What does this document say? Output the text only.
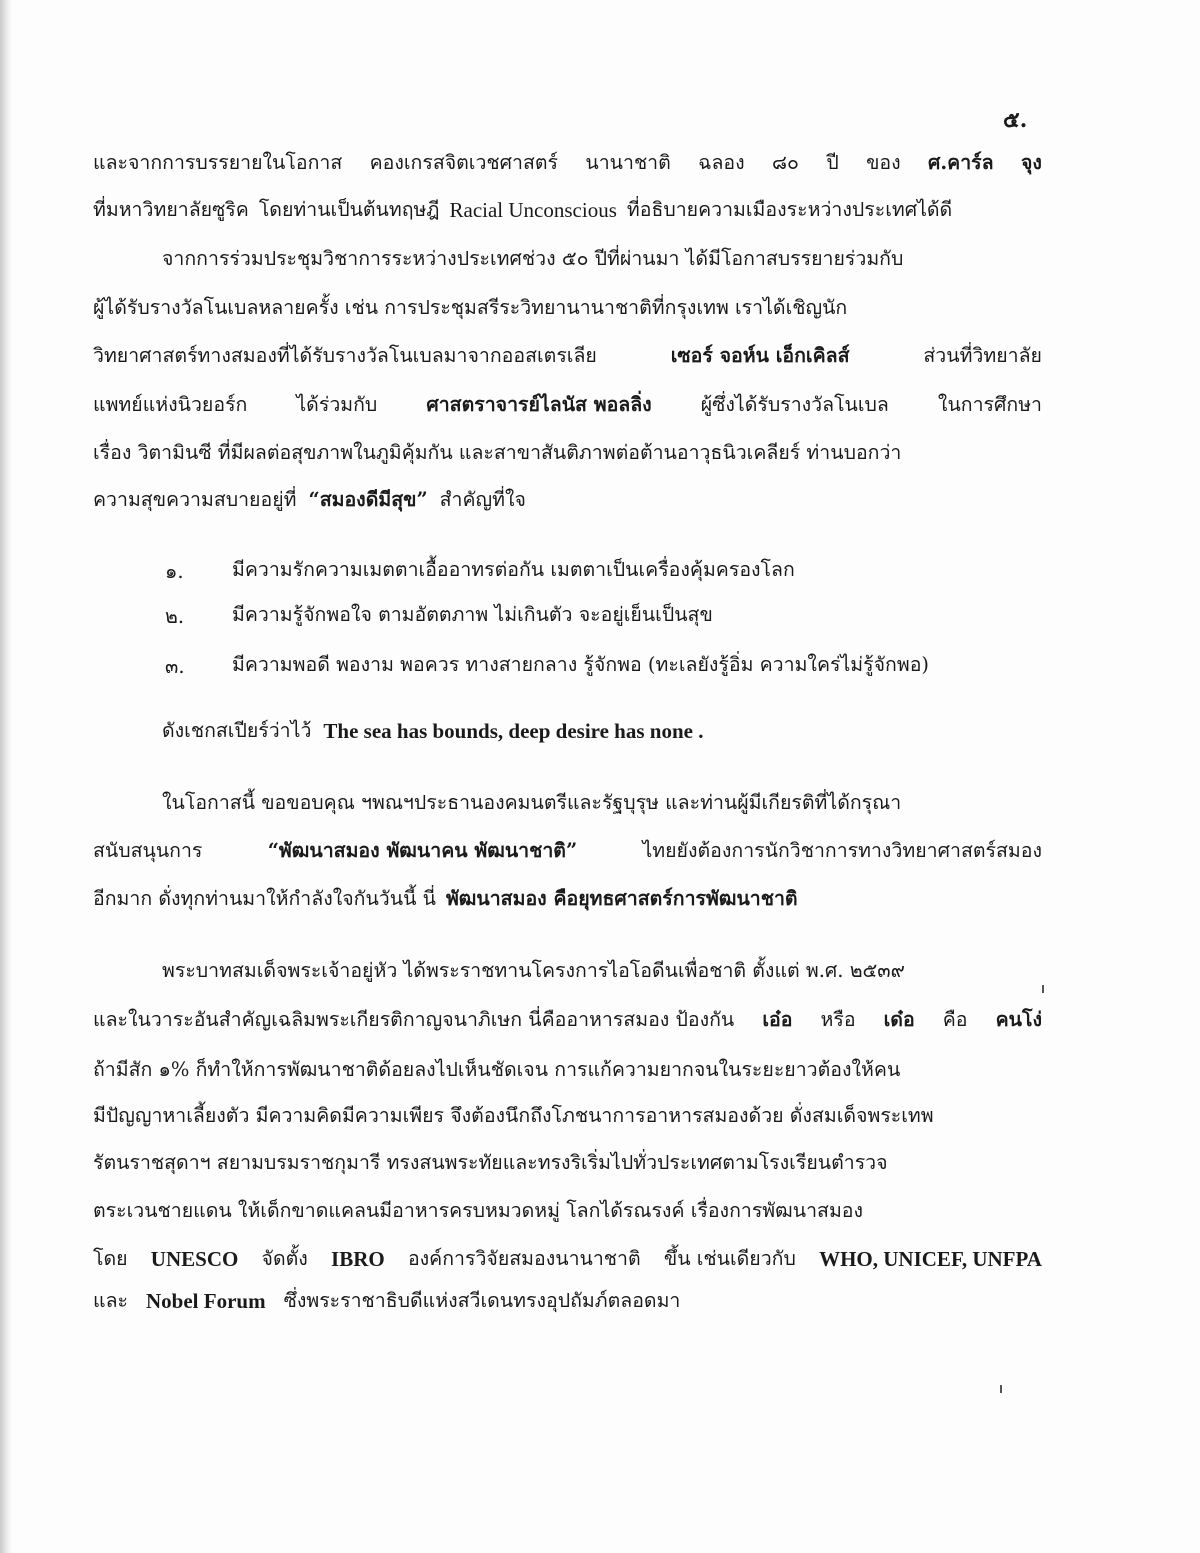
๕.
และจากการบรรยายในโอกาส คองเกรสจิตเวชศาสตร์ นานาชาติ ฉลอง ๘๐ ปี ของ ศ.คาร์ล จุง
ที่มหาวิทยาลัยซูริค โดยท่านเป็นต้นทฤษฎี Racial Unconscious ที่อธิบายความเมืองระหว่างประเทศได้ดี
จากการร่วมประชุมวิชาการระหว่างประเทศช่วง ๕๐ ปีที่ผ่านมา ได้มีโอกาสบรรยายร่วมกับ
ผู้ได้รับรางวัลโนเบลหลายครั้ง เช่น การประชุมสรีระวิทยานานาชาติที่กรุงเทพ เราได้เชิญนัก
วิทยาศาสตร์ทางสมองที่ได้รับรางวัลโนเบลมาจากออสเตรเลีย	เซอร์ จอห์น เอ็กเคิลส์	ส่วนที่วิทยาลัย
แพทย์แห่งนิวยอร์ก	ได้ร่วมกับ	ศาสตราจารย์ไลนัส พอลลิ่ง	ผู้ซึ่งได้รับรางวัลโนเบล	ในการศึกษา
เรื่อง วิตามินซี ที่มีผลต่อสุขภาพในภูมิคุ้มกัน และสาขาสันติภาพต่อต้านอาวุธนิวเคลียร์ ท่านบอกว่า
ความสุขความสบายอยู่ที่ “สมองดีมีสุข” สำคัญที่ใจ
๑. มีความรักความเมตตาเอื้ออาทรต่อกัน เมตตาเป็นเครื่องคุ้มครองโลก
๒. มีความรู้จักพอใจ ตามอัตตภาพ ไม่เกินตัว จะอยู่เย็นเป็นสุข
๓. มีความพอดี พองาม พอควร ทางสายกลาง รู้จักพอ (ทะเลยังรู้อิ่ม ความใคร่ไม่รู้จักพอ)
ดังเชกสเปียร์ว่าไว้ The sea has bounds, deep desire has none .
ในโอกาสนี้ ขอขอบคุณ ฯพณฯประธานองคมนตรีและรัฐบุรุษ และท่านผู้มีเกียรติที่ได้กรุณา
สนับสนุนการ	“พัฒนาสมอง พัฒนาคน พัฒนาชาติ”	ไทยยังต้องการนักวิชาการทางวิทยาศาสตร์สมอง
อีกมาก ดั่งทุกท่านมาให้กำลังใจกันวันนี้ นี่ พัฒนาสมอง คือยุทธศาสตร์การพัฒนาชาติ
พระบาทสมเด็จพระเจ้าอยู่หัว ได้พระราชทานโครงการไอโอดีนเพื่อชาติ ตั้งแต่ พ.ศ. ๒๕๓๙
และในวาระอันสำคัญเฉลิมพระเกียรติกาญจนาภิเษก นี่คืออาหารสมอง ป้องกัน เอ๋อ หรือ เด๋อ คือ คนโง่
ถ้ามีสัก ๑% ก็ทำให้การพัฒนาชาติด้อยลงไปเห็นชัดเจน การแก้ความยากจนในระยะยาวต้องให้คน
มีปัญญาหาเลี้ยงตัว มีความคิดมีความเพียร จึงต้องนึกถึงโภชนาการอาหารสมองด้วย ดั่งสมเด็จพระเทพ
รัตนราชสุดาฯ สยามบรมราชกุมารี ทรงสนพระทัยและทรงริเริ่มไปทั่วประเทศตามโรงเรียนตำรวจ
ตระเวนชายแดน ให้เด็กขาดแคลนมีอาหารครบหมวดหมู่ โลกได้รณรงค์ เรื่องการพัฒนาสมอง
โดย UNESCO จัดตั้ง IBRO องค์การวิจัยสมองนานาชาติ ขึ้น เช่นเดียวกับ WHO, UNICEF, UNFPA
และ Nobel Forum ซึ่งพระราชาธิบดีแห่งสวีเดนทรงอุปถัมภ์ตลอดมา
